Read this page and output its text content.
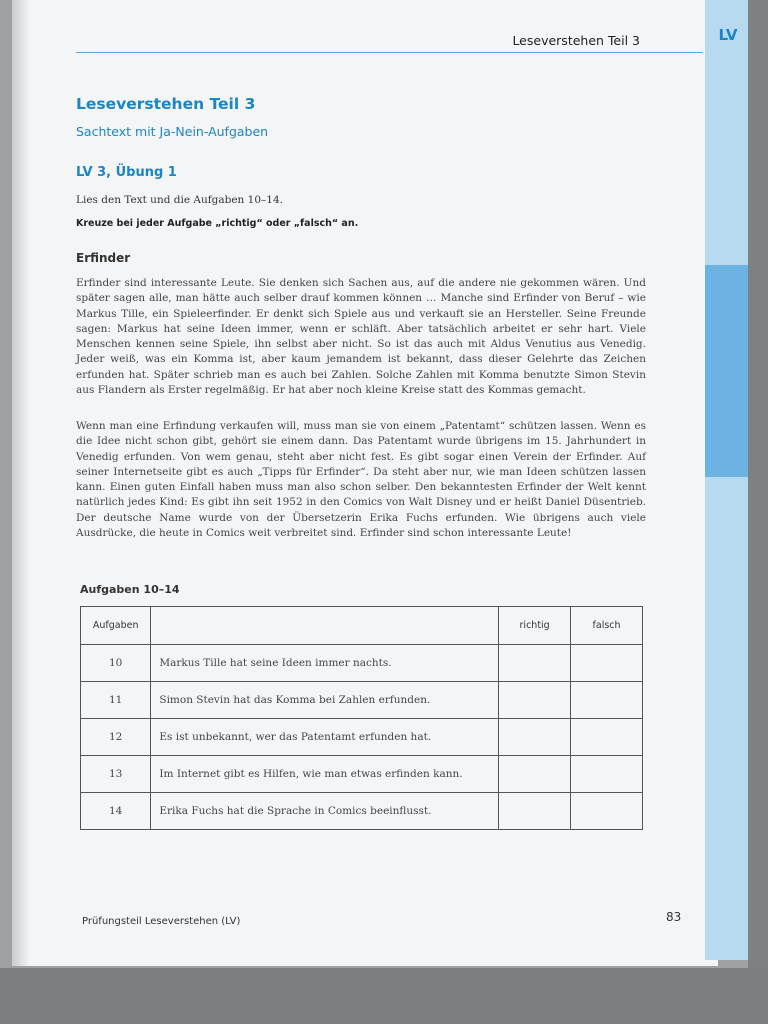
LV
Leseverstehen Teil 3
Leseverstehen Teil 3
Sachtext mit Ja-Nein-Aufgaben
LV 3, Übung 1
Lies den Text und die Aufgaben 10–14.
Kreuze bei jeder Aufgabe „richtig“ oder „falsch“ an.
Erfinder

Erfinder sind interessante Leute. Sie denken sich Sachen aus, auf die andere nie gekommen wären. Und später sagen alle, man hätte auch selber drauf kommen können … Manche sind Erfinder von Beruf – wie Markus Tille, ein Spieleerfinder. Er denkt sich Spiele aus und verkauft sie an Hersteller. Seine Freunde sagen: Markus hat seine Ideen immer, wenn er schläft. Aber tatsächlich arbeitet er sehr hart. Viele Menschen kennen seine Spiele, ihn selbst aber nicht. So ist das auch mit Aldus Venutius aus Venedig. Jeder weiß, was ein Komma ist, aber kaum jemandem ist bekannt, dass dieser Gelehrte das Zeichen erfunden hat. Später schrieb man es auch bei Zahlen. Solche Zahlen mit Komma benutzte Simon Stevin aus Flandern als Erster regelmäßig. Er hat aber noch kleine Kreise statt des Kommas gemacht.

Wenn man eine Erfindung verkaufen will, muss man sie von einem „Patentamt“ schützen lassen. Wenn es die Idee nicht schon gibt, gehört sie einem dann. Das Patentamt wurde übrigens im 15. Jahrhundert in Venedig erfunden. Von wem genau, steht aber nicht fest. Es gibt sogar einen Verein der Erfinder. Auf seiner Internetseite gibt es auch „Tipps für Erfinder“. Da steht aber nur, wie man Ideen schützen lassen kann. Einen guten Einfall haben muss man also schon selber. Den bekanntesten Erfinder der Welt kennt natürlich jedes Kind: Es gibt ihn seit 1952 in den Comics von Walt Disney und er heißt Daniel Düsentrieb. Der deutsche Name wurde von der Übersetzerin Erika Fuchs erfunden. Wie übrigens auch viele Ausdrücke, die heute in Comics weit verbreitet sind. Erfinder sind schon interessante Leute!

Aufgaben 10–14
Aufgaben		richtig	falsch
10	Markus Tille hat seine Ideen immer nachts.		
11	Simon Stevin hat das Komma bei Zahlen erfunden.		
12	Es ist unbekannt, wer das Patentamt erfunden hat.		
13	Im Internet gibt es Hilfen, wie man etwas erfinden kann.		
14	Erika Fuchs hat die Sprache in Comics beeinflusst.		
Prüfungsteil Leseverstehen (LV)	83
